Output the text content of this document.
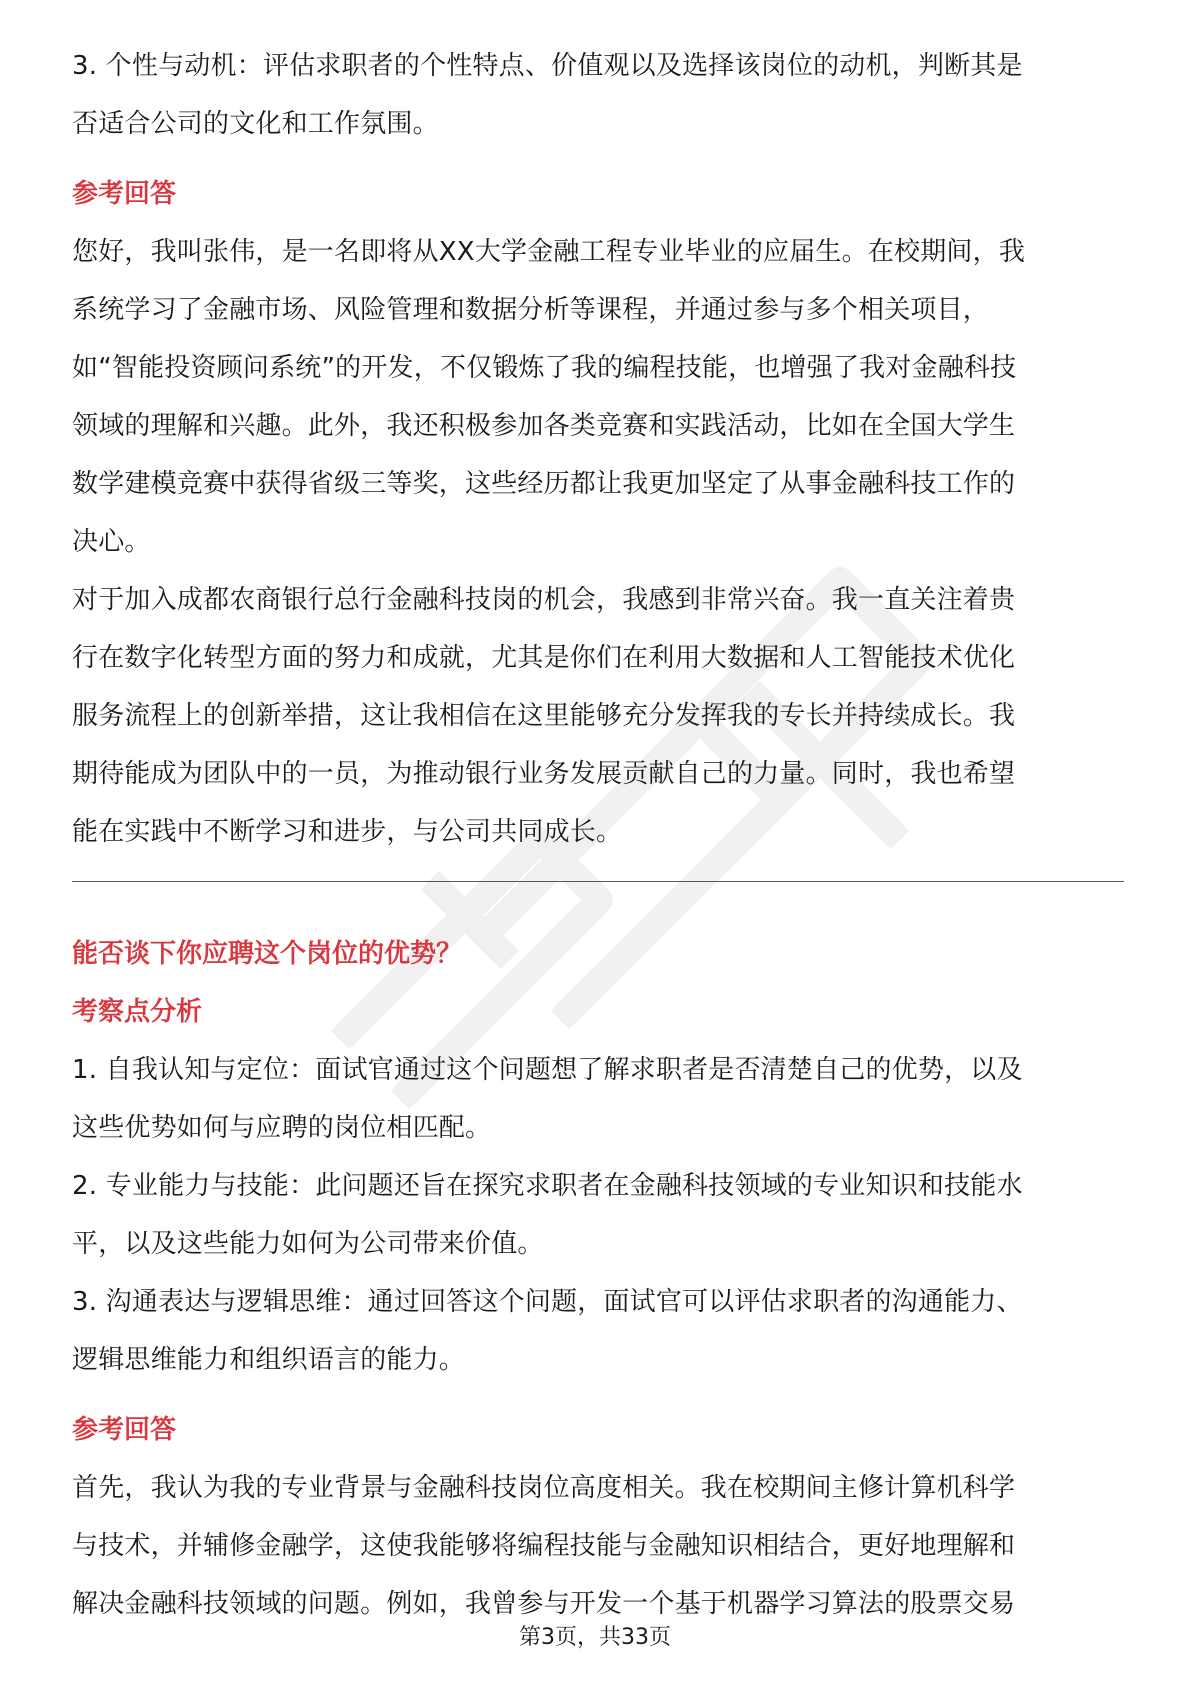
3. 个性与动机：评估求职者的个性特点、价值观以及选择该岗位的动机，判断其是

否适合公司的文化和工作氛围。

参考回答

您好，我叫张伟，是一名即将从XX大学金融工程专业毕业的应届生。在校期间，我

系统学习了金融市场、风险管理和数据分析等课程，并通过参与多个相关项目，

如“智能投资顾问系统”的开发，不仅锻炼了我的编程技能，也增强了我对金融科技

领域的理解和兴趣。此外，我还积极参加各类竞赛和实践活动，比如在全国大学生

数学建模竞赛中获得省级三等奖，这些经历都让我更加坚定了从事金融科技工作的

决心。

对于加入成都农商银行总行金融科技岗的机会，我感到非常兴奋。我一直关注着贵

行在数字化转型方面的努力和成就，尤其是你们在利用大数据和人工智能技术优化

服务流程上的创新举措，这让我相信在这里能够充分发挥我的专长并持续成长。我

期待能成为团队中的一员，为推动银行业务发展贡献自己的力量。同时，我也希望

能在实践中不断学习和进步，与公司共同成长。

能否谈下你应聘这个岗位的优势？
考察点分析

1. 自我认知与定位：面试官通过这个问题想了解求职者是否清楚自己的优势，以及

这些优势如何与应聘的岗位相匹配。

2. 专业能力与技能：此问题还旨在探究求职者在金融科技领域的专业知识和技能水

平，以及这些能力如何为公司带来价值。

3. 沟通表达与逻辑思维：通过回答这个问题，面试官可以评估求职者的沟通能力、

逻辑思维能力和组织语言的能力。

参考回答

首先，我认为我的专业背景与金融科技岗位高度相关。我在校期间主修计算机科学

与技术，并辅修金融学，这使我能够将编程技能与金融知识相结合，更好地理解和

解决金融科技领域的问题。例如，我曾参与开发一个基于机器学习算法的股票交易

第3页，共33页
